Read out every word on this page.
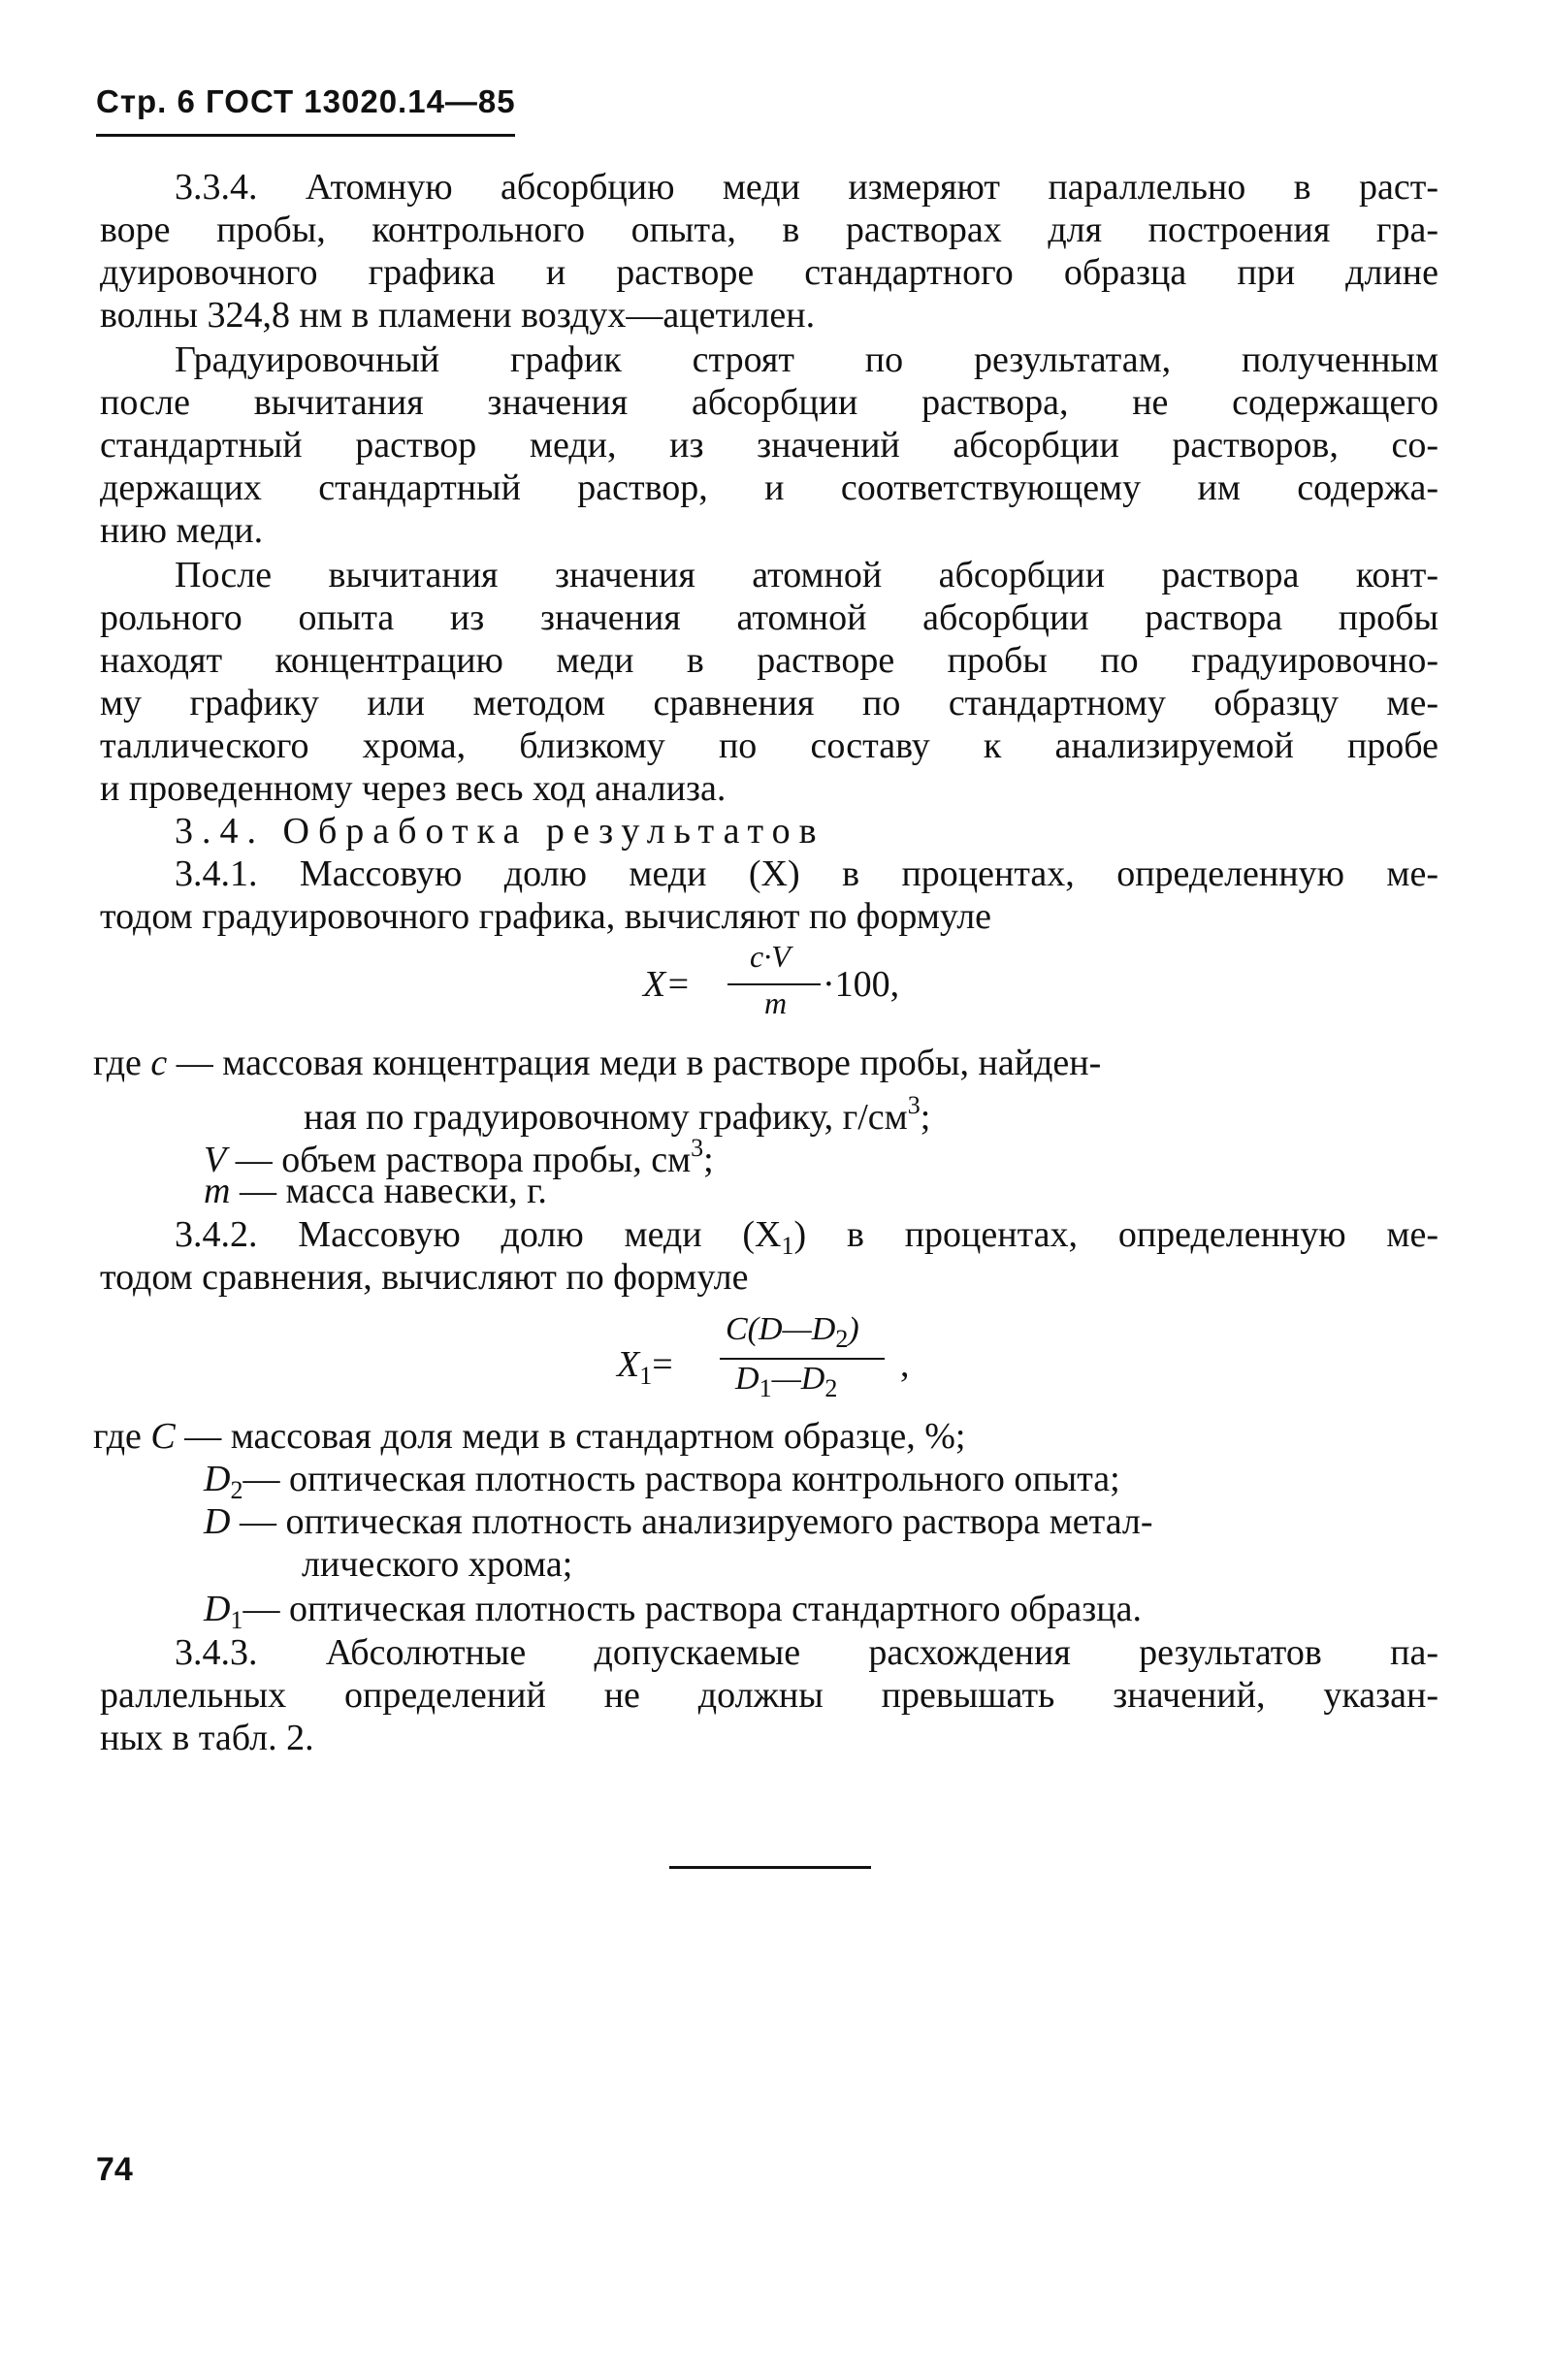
Стр. 6 ГОСТ 13020.14—85
3.3.4. Атомную абсорбцию меди измеряют параллельно в раст-
воре пробы, контрольного опыта, в растворах для построения гра-
дуировочного графика и растворе стандартного образца при длине
волны 324,8 нм в пламени воздух—ацетилен.
Градуировочный график строят по результатам, полученным
после вычитания значения абсорбции раствора, не содержащего
стандартный раствор меди, из значений абсорбции растворов, со-
держащих стандартный раствор, и соответствующему им содержа-
нию меди.
После вычитания значения атомной абсорбции раствора конт-
рольного опыта из значения атомной абсорбции раствора пробы
находят концентрацию меди в растворе пробы по градуировочно-
му графику или методом сравнения по стандартному образцу ме-
таллического хрома, близкому по составу к анализируемой пробе
и проведенному через весь ход анализа.
3.4. Обработка результатов
3.4.1. Массовую долю меди (X) в процентах, определенную ме-
тодом градуировочного графика, вычисляют по формуле
X=
c·V
m ·100,
где c — массовая концентрация меди в растворе пробы, найден-
ная по градуировочному графику, $г/см^3$;
V — объем раствора пробы, $см^3$;
m — масса навески, г.
3.4.2. Массовую долю меди $(X_1)$ в процентах, определенную ме-
тодом сравнения, вычисляют по формуле
$X_1=$
$C(D—D_2)$
$D_1—D_2$
,
где C — массовая доля меди в стандартном образце, %;
$D_2—$ оптическая плотность раствора контрольного опыта;
D — оптическая плотность анализируемого раствора метал-
лического хрома;
$D_1—$ оптическая плотность раствора стандартного образца.
3.4.3. Абсолютные допускаемые расхождения результатов па-
раллельных определений не должны превышать значений, указан-
ных в табл. 2.
74
